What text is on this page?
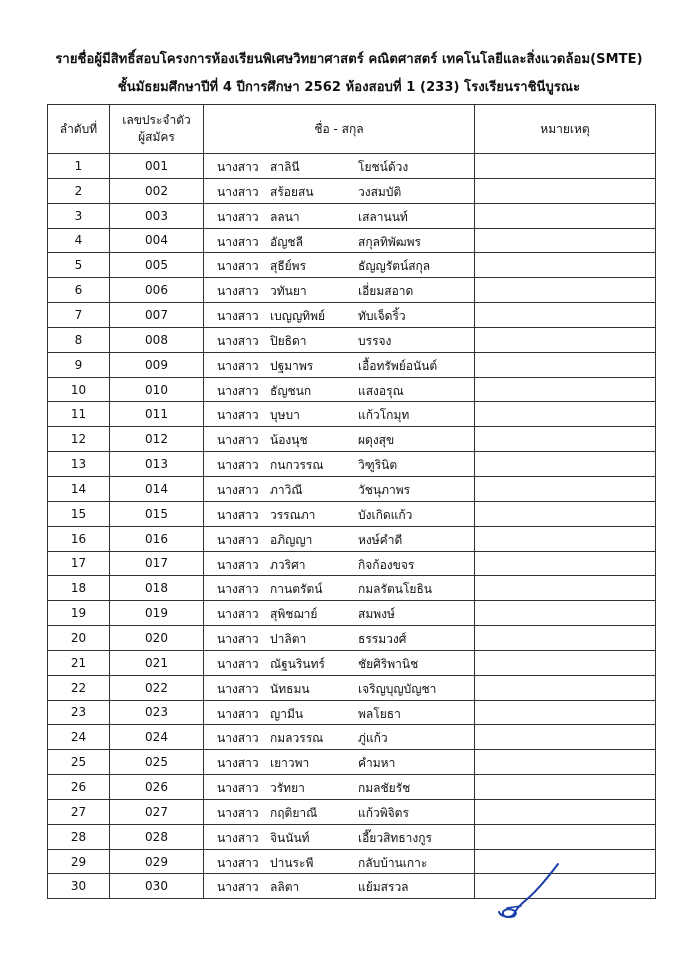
รายชื่อผู้มีสิทธิ์สอบโครงการห้องเรียนพิเศษวิทยาศาสตร์ คณิตศาสตร์ เทคโนโลยีและสิ่งแวดล้อม(SMTE)
ชั้นมัธยมศึกษาปีที่ 4 ปีการศึกษา 2562 ห้องสอบที่ 1 (233) โรงเรียนราชินีบูรณะ
ลำดับที่	เลขประจำตัว
ผู้สมัคร	ชื่อ - สกุล	หมายเหตุ
1	001	นางสาว สาลินี โยชน์ด้วง	

2	002	นางสาว สร้อยสน วงสมบัติ	

3	003	นางสาว ลลนา เสลานนท์	

4	004	นางสาว อัญชลี สกุลทิพัฒพร	

5	005	นางสาว สุธีย์พร ธัญญรัตน์สกุล	

6	006	นางสาว วทันยา เอี่ยมสอาด	

7	007	นางสาว เบญญทิพย์ ทับเจ็ดริ้ว	

8	008	นางสาว ปิยธิดา บรรจง	

9	009	นางสาว ปฐมาพร เอื้อทรัพย์อนันต์	

10	010	นางสาว ธัญชนก แสงอรุณ	

11	011	นางสาว บุษบา แก้วโกมุท	

12	012	นางสาว น้องนุช ผดุงสุข	

13	013	นางสาว กนกวรรณ วิฑูรินิต	

14	014	นางสาว ภาวิณี วัชนุภาพร	

15	015	นางสาว วรรณภา บังเกิดแก้ว	

16	016	นางสาว อภิญญา หงษ์คำดี	

17	017	นางสาว ภวริศา กิจก้องขจร	

18	018	นางสาว กานตรัตน์ กมลรัตนโยธิน	

19	019	นางสาว สุพิชฌาย์ สมพงษ์	

20	020	นางสาว ปาลิตา ธรรมวงศ์	

21	021	นางสาว ณัฐนรินทร์ ชัยศิริพานิช	

22	022	นางสาว นัทธมน เจริญบุญบัญชา	

23	023	นางสาว ญามีน พลโยธา	

24	024	นางสาว กมลวรรณ ภู่แก้ว	

25	025	นางสาว เยาวพา คำมหา	

26	026	นางสาว วรัทยา กมลชัยรัช	

27	027	นางสาว กฤติยาณี แก้วพิจิตร	

28	028	นางสาว จินนันท์ เอี๊ยวสิทธางกูร	

29	029	นางสาว ปานระพี กลับบ้านเกาะ	

30	030	นางสาว ลลิตา แย้มสรวล	
